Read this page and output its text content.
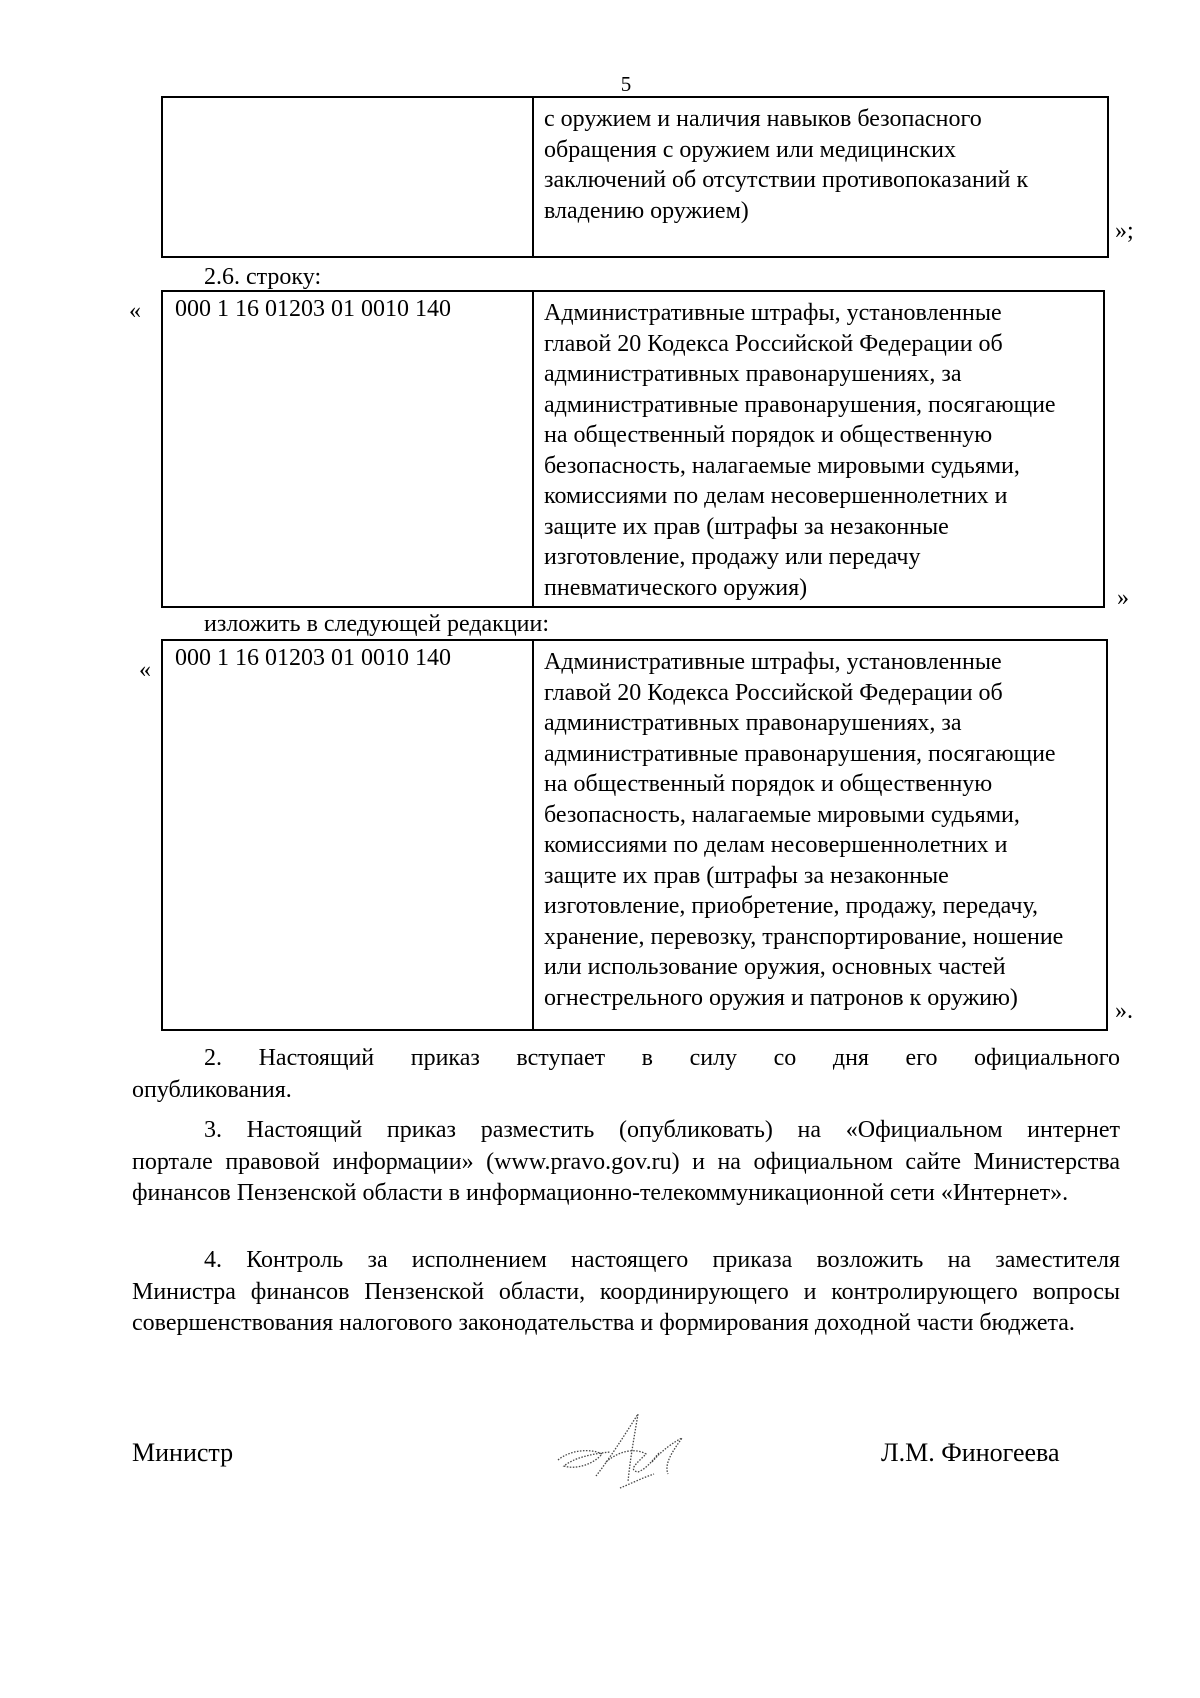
5

с оружием и наличия навыков безопасного
обращения с оружием или медицинских
заключений об отсутствии противопоказаний к
владению оружием)
»;
2.6. строку:
« 000 1 16 01203 01 0010 140	Административные штрафы, установленные
главой 20 Кодекса Российской Федерации об
административных правонарушениях, за
административные правонарушения, посягающие
на общественный порядок и общественную
безопасность, налагаемые мировыми судьями,
комиссиями по делам несовершеннолетних и
защите их прав (штрафы за незаконные
изготовление, продажу или передачу
пневматического оружия)	»
изложить в следующей редакции:
« 000 1 16 01203 01 0010 140	Административные штрафы, установленные
главой 20 Кодекса Российской Федерации об
административных правонарушениях, за
административные правонарушения, посягающие
на общественный порядок и общественную
безопасность, налагаемые мировыми судьями,
комиссиями по делам несовершеннолетних и
защите их прав (штрафы за незаконные
изготовление, приобретение, продажу, передачу,
хранение, перевозку, транспортирование, ношение
или использование оружия, основных частей
огнестрельного оружия и патронов к оружию)
».
2. Настоящий приказ вступает в силу со дня его официального
опубликования.
3. Настоящий приказ разместить (опубликовать) на «Официальном интернет
портале правовой информации» (www.pravo.gov.ru) и на официальном сайте Министерства финансов Пензенской области в информационно-телекоммуникационной сети «Интернет».
4. Контроль за исполнением настоящего приказа возложить на заместителя
Министра финансов Пензенской области, координирующего и контролирующего вопросы совершенствования налогового законодательства и формирования доходной части бюджета.
Министр	Л.М. Финогеева
